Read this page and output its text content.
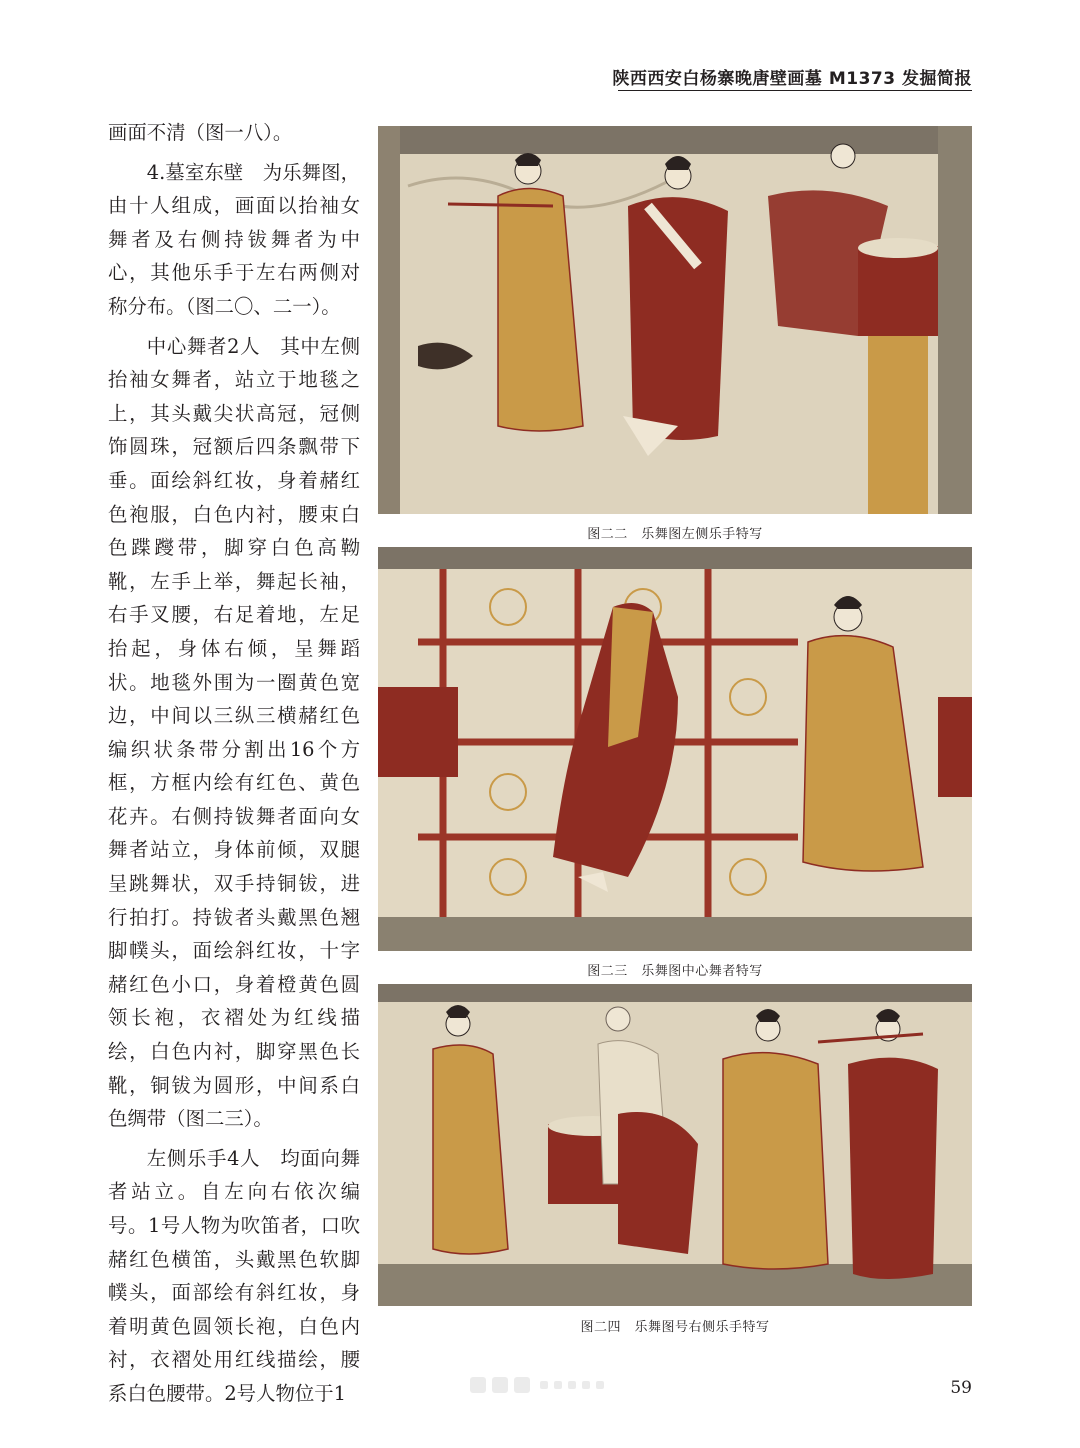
陕西西安白杨寨晚唐壁画墓 M1373 发掘简报

画面不清（图一八）。

4.墓室东壁　为乐舞图，由十人组成，画面以抬袖女舞者及右侧持钹舞者为中心，其他乐手于左右两侧对称分布。（图二〇、二一）。

中心舞者2人　其中左侧抬袖女舞者，站立于地毯之上，其头戴尖状高冠，冠侧饰圆珠，冠额后四条飘带下垂。面绘斜红妆，身着赭红色袍服，白色内衬，腰束白色蹀躞带，脚穿白色高靿靴，左手上举，舞起长袖，右手叉腰，右足着地，左足抬起，身体右倾，呈舞蹈状。地毯外围为一圈黄色宽边，中间以三纵三横赭红色编织状条带分割出16个方框，方框内绘有红色、黄色花卉。右侧持钹舞者面向女舞者站立，身体前倾，双腿呈跳舞状，双手持铜钹，进行拍打。持钹者头戴黑色翘脚幞头，面绘斜红妆，十字赭红色小口，身着橙黄色圆领长袍，衣褶处为红线描绘，白色内衬，脚穿黑色长靴，铜钹为圆形，中间系白色绸带（图二三）。

左侧乐手4人　均面向舞者站立。自左向右依次编号。1号人物为吹笛者，口吹赭红色横笛，头戴黑色软脚幞头，面部绘有斜红妆，身着明黄色圆领长袍，白色内衬，衣褶处用红线描绘，腰系白色腰带。2号人物位于1

图二二　乐舞图左侧乐手特写
图二三　乐舞图中心舞者特写
图二四　乐舞图号右侧乐手特写
59
